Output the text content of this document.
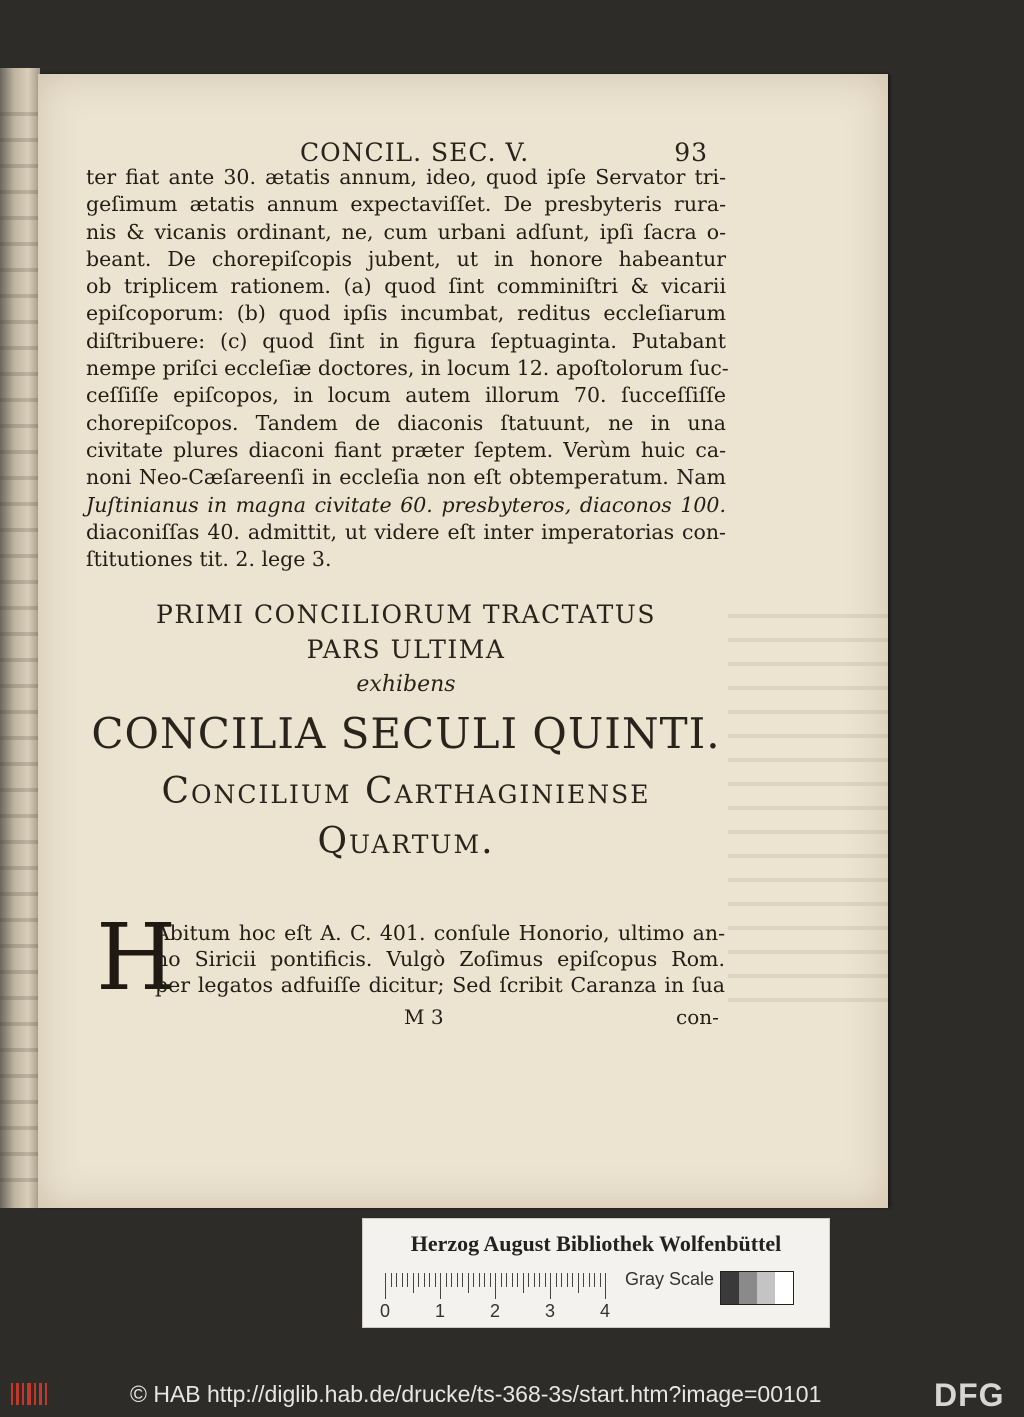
CONCIL. SEC. V.	93
ter fiat ante 30. ætatis annum, ideo, quod ipſe Servator tri-
geſimum ætatis annum expectaviſſet. De presbyteris rura-
nis & vicanis ordinant, ne, cum urbani adſunt, ipſi ſacra o-
beant. De chorepiſcopis jubent, ut in honore habeantur
ob triplicem rationem. (a) quod ſint comminiſtri & vicarii
epiſcoporum: (b) quod ipſis incumbat, reditus eccleſiarum
diſtribuere: (c) quod ſint in figura ſeptuaginta. Putabant
nempe priſci eccleſiæ doctores, in locum 12. apoſtolorum ſuc-
ceſſiſſe epiſcopos, in locum autem illorum 70. ſucceſſiſſe
chorepiſcopos. Tandem de diaconis ſtatuunt, ne in una
civitate plures diaconi fiant præter ſeptem. Verùm huic ca-
noni Neo-Cæſareenſi in eccleſia non eſt obtemperatum. Nam
Juſtinianus in magna civitate 60. presbyteros, diaconos 100.
diaconiſſas 40. admittit, ut videre eſt inter imperatorias con-
ſtitutiones tit. 2. lege 3.
PRIMI CONCILIORUM TRACTATUS
PARS ULTIMA
exhibens
CONCILIA SECULI QUINTI.
Concilium Carthaginiense
Quartum.
H
Abitum hoc eſt A. C. 401. conſule Honorio, ultimo an-
no Siricii pontificis. Vulgò Zoſimus epiſcopus Rom.
per legatos adfuiſſe dicitur; Sed ſcribit Caranza in ſua
M 3	con-
Herzog August Bibliothek Wolfenbüttel
0 1 2 3 4
Gray Scale
© HAB http://diglib.hab.de/drucke/ts-368-3s/start.htm?image=00101	DFG
